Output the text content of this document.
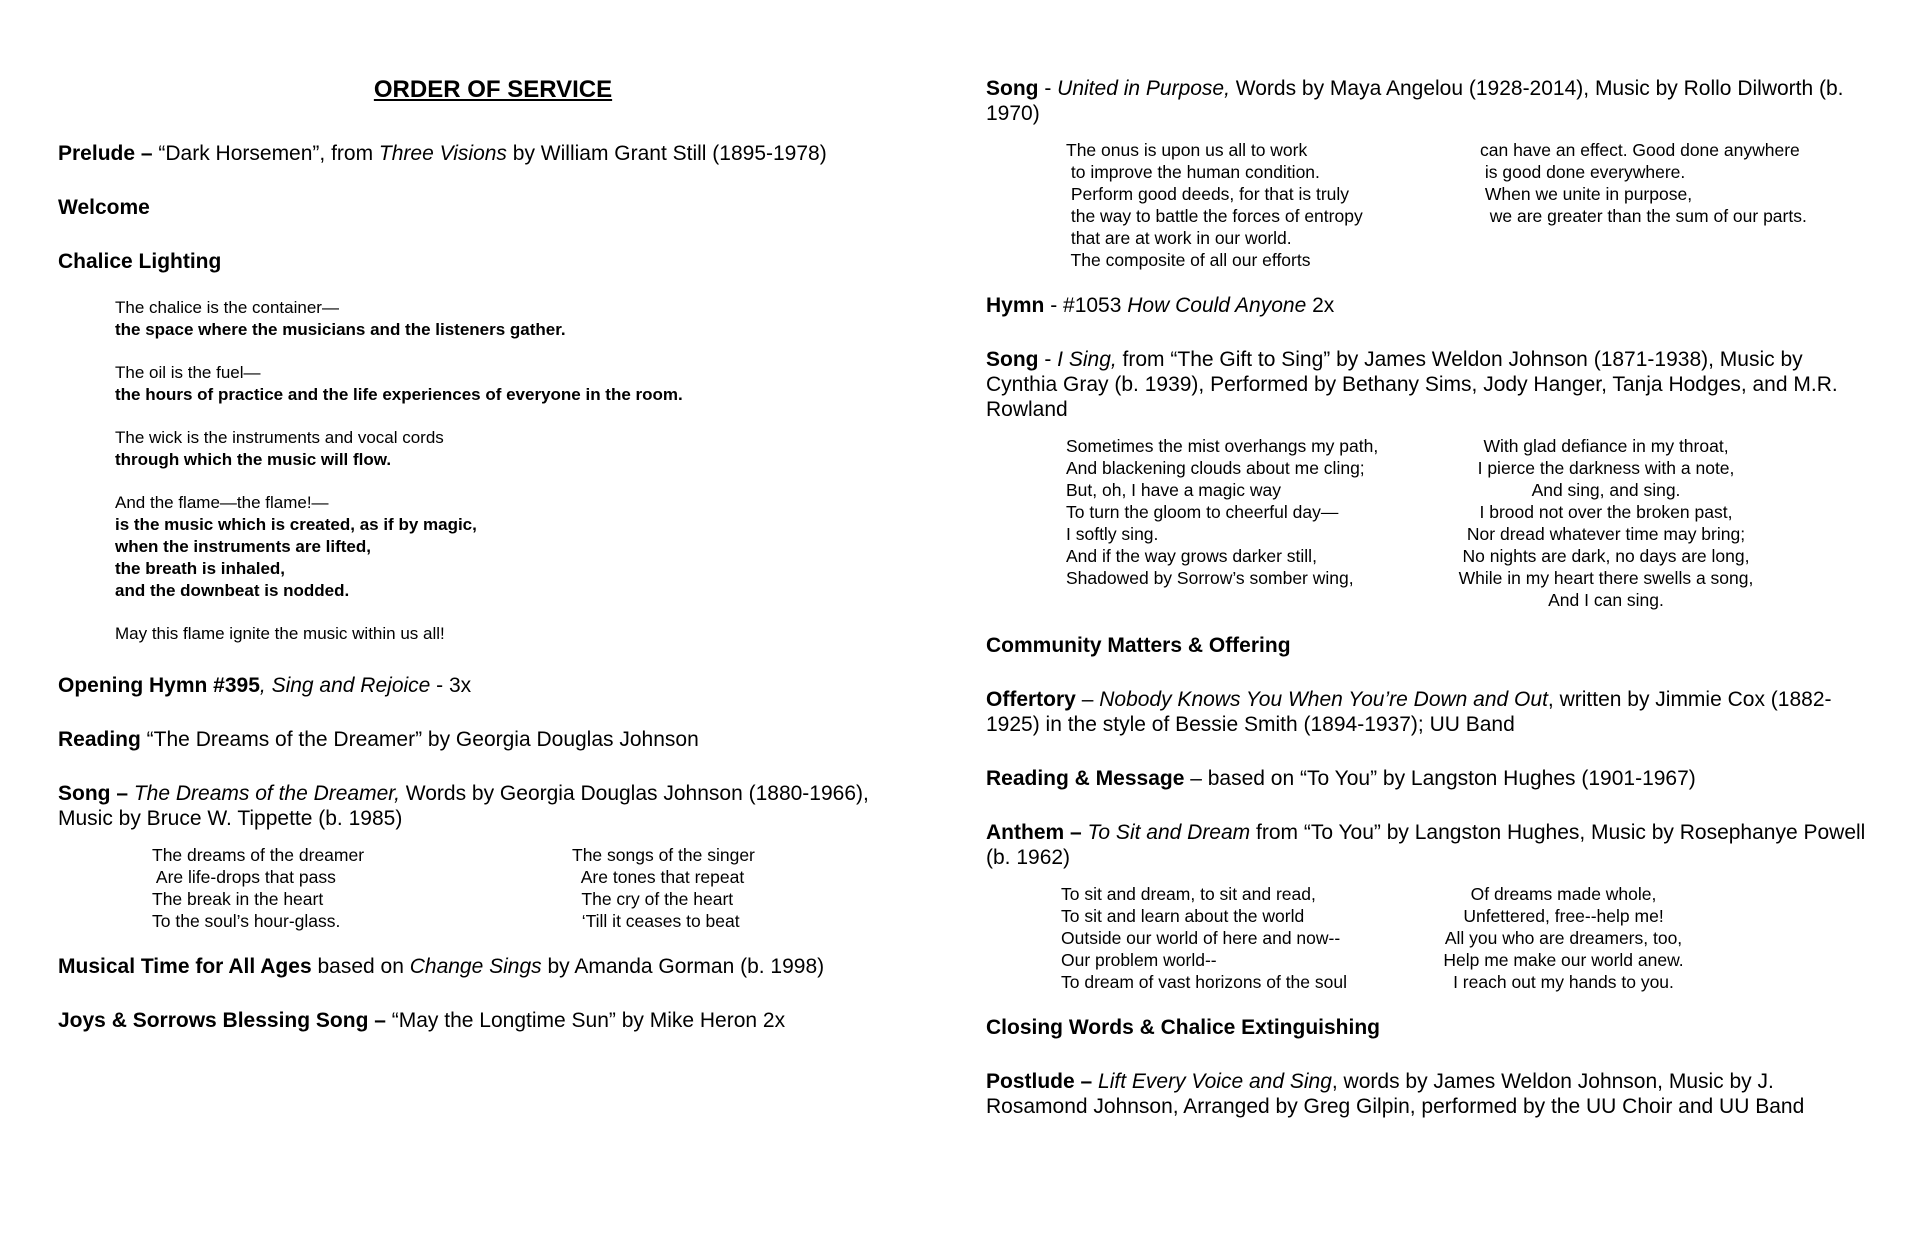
ORDER OF SERVICE
Prelude – “Dark Horsemen”, from Three Visions by William Grant Still (1895-1978)
Welcome
Chalice Lighting
The chalice is the container—
the space where the musicians and the listeners gather.
The oil is the fuel—
the hours of practice and the life experiences of everyone in the room.
The wick is the instruments and vocal cords
through which the music will flow.
And the flame—the flame!—
is the music which is created, as if by magic,
when the instruments are lifted,
the breath is inhaled,
and the downbeat is nodded.
May this flame ignite the music within us all!
Opening Hymn #395, Sing and Rejoice - 3x
Reading “The Dreams of the Dreamer” by Georgia Douglas Johnson
Song – The Dreams of the Dreamer, Words by Georgia Douglas Johnson (1880-1966), Music by Bruce W. Tippette (b. 1985)
The dreams of the dreamer
Are life-drops that pass
The break in the heart
To the soul’s hour-glass.
The songs of the singer
Are tones that repeat
The cry of the heart
‘Till it ceases to beat
Musical Time for All Ages based on Change Sings by Amanda Gorman (b. 1998)
Joys & Sorrows Blessing Song – “May the Longtime Sun” by Mike Heron 2x
Song - United in Purpose, Words by Maya Angelou (1928-2014), Music by Rollo Dilworth (b. 1970)
The onus is upon us all to work
to improve the human condition.
Perform good deeds, for that is truly
the way to battle the forces of entropy
that are at work in our world.
The composite of all our efforts
can have an effect. Good done anywhere
is good done everywhere.
When we unite in purpose,
we are greater than the sum of our parts.
Hymn - #1053 How Could Anyone 2x
Song - I Sing, from “The Gift to Sing” by James Weldon Johnson (1871-1938), Music by Cynthia Gray (b. 1939), Performed by Bethany Sims, Jody Hanger, Tanja Hodges, and M.R. Rowland
Sometimes the mist overhangs my path,
And blackening clouds about me cling;
But, oh, I have a magic way
To turn the gloom to cheerful day—
I softly sing.
And if the way grows darker still,
Shadowed by Sorrow’s somber wing,
With glad defiance in my throat,
I pierce the darkness with a note,
And sing, and sing.
I brood not over the broken past,
Nor dread whatever time may bring;
No nights are dark, no days are long,
While in my heart there swells a song,
And I can sing.
Community Matters & Offering
Offertory – Nobody Knows You When You’re Down and Out, written by Jimmie Cox (1882-1925) in the style of Bessie Smith (1894-1937); UU Band
Reading & Message – based on “To You” by Langston Hughes (1901-1967)
Anthem – To Sit and Dream from “To You” by Langston Hughes, Music by Rosephanye Powell (b. 1962)
To sit and dream, to sit and read,
To sit and learn about the world
Outside our world of here and now--
Our problem world--
To dream of vast horizons of the soul
Of dreams made whole,
Unfettered, free--help me!
All you who are dreamers, too,
Help me make our world anew.
I reach out my hands to you.
Closing Words & Chalice Extinguishing
Postlude – Lift Every Voice and Sing, words by James Weldon Johnson, Music by J. Rosamond Johnson, Arranged by Greg Gilpin, performed by the UU Choir and UU Band
